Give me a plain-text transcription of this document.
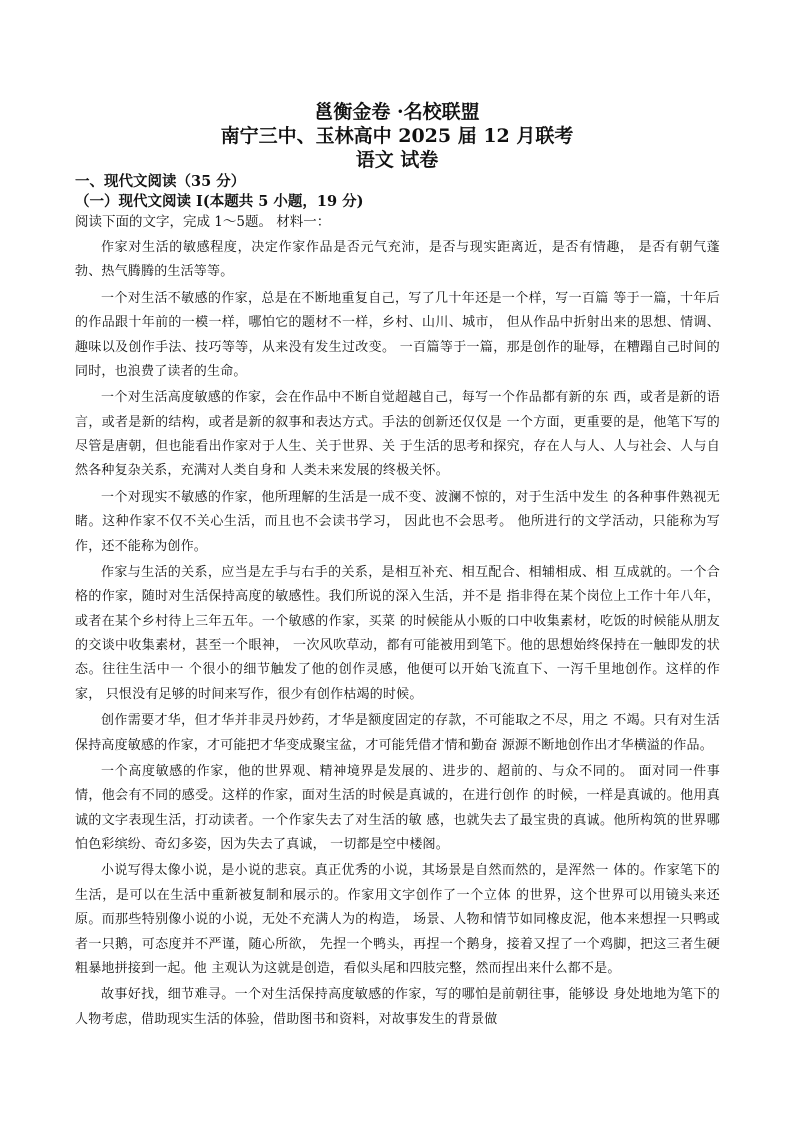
邕衡金卷 ·名校联盟

南宁三中、玉林高中 2025 届 12 月联考

语文 试卷

一、现代文阅读（35 分）
（一）现代文阅读 I(本题共 5 小题，19 分)
阅读下面的文字，完成 1～5题。 材料一：

作家对生活的敏感程度，决定作家作品是否元气充沛，是否与现实距离近，是否有情趣， 是否有朝气蓬勃、热气腾腾的生活等等。

一个对生活不敏感的作家，总是在不断地重复自己，写了几十年还是一个样，写一百篇 等于一篇，十年后的作品跟十年前的一模一样，哪怕它的题材不一样，乡村、山川、城市， 但从作品中折射出来的思想、情调、趣味以及创作手法、技巧等等，从来没有发生过改变。 一百篇等于一篇，那是创作的耻辱，在糟蹋自己时间的同时，也浪费了读者的生命。

一个对生活高度敏感的作家，会在作品中不断自觉超越自己，每写一个作品都有新的东 西，或者是新的语言，或者是新的结构，或者是新的叙事和表达方式。手法的创新还仅仅是 一个方面，更重要的是，他笔下写的尽管是唐朝，但也能看出作家对于人生、关于世界、关 于生活的思考和探究，存在人与人、人与社会、人与自然各种复杂关系，充满对人类自身和 人类未来发展的终极关怀。

一个对现实不敏感的作家，他所理解的生活是一成不变、波澜不惊的，对于生活中发生 的各种事件熟视无睹。这种作家不仅不关心生活，而且也不会读书学习， 因此也不会思考。 他所进行的文学活动，只能称为写作，还不能称为创作。

作家与生活的关系，应当是左手与右手的关系，是相互补充、相互配合、相辅相成、相 互成就的。一个合格的作家，随时对生活保持高度的敏感性。我们所说的深入生活，并不是 指非得在某个岗位上工作十年八年，或者在某个乡村待上三年五年。一个敏感的作家，买菜 的时候能从小贩的口中收集素材，吃饭的时候能从朋友的交谈中收集素材，甚至一个眼神， 一次风吹草动，都有可能被用到笔下。他的思想始终保持在一触即发的状态。往往生活中一 个很小的细节触发了他的创作灵感，他便可以开始飞流直下、一泻千里地创作。这样的作家， 只恨没有足够的时间来写作，很少有创作枯竭的时候。

创作需要才华，但才华并非灵丹妙药，才华是额度固定的存款，不可能取之不尽，用之 不竭。只有对生活保持高度敏感的作家，才可能把才华变成聚宝盆，才可能凭借才情和勤奋 源源不断地创作出才华横溢的作品。

一个高度敏感的作家，他的世界观、精神境界是发展的、进步的、超前的、与众不同的。 面对同一件事情，他会有不同的感受。这样的作家，面对生活的时候是真诚的，在进行创作 的时候，一样是真诚的。他用真诚的文字表现生活，打动读者。一个作家失去了对生活的敏 感，也就失去了最宝贵的真诚。他所构筑的世界哪怕色彩缤纷、奇幻多姿，因为失去了真诚， 一切都是空中楼阁。

小说写得太像小说，是小说的悲哀。真正优秀的小说，其场景是自然而然的，是浑然一 体的。作家笔下的生活，是可以在生活中重新被复制和展示的。作家用文字创作了一个立体 的世界，这个世界可以用镜头来还原。而那些特别像小说的小说，无处不充满人为的构造， 场景、人物和情节如同橡皮泥，他本来想捏一只鸭或者一只鹅，可态度并不严谨，随心所欲， 先捏一个鸭头，再捏一个鹅身，接着又捏了一个鸡脚，把这三者生硬粗暴地拼接到一起。他 主观认为这就是创造，看似头尾和四肢完整，然而捏出来什么都不是。

故事好找，细节难寻。一个对生活保持高度敏感的作家，写的哪怕是前朝往事，能够设 身处地地为笔下的人物考虑，借助现实生活的体验，借助图书和资料，对故事发生的背景做
